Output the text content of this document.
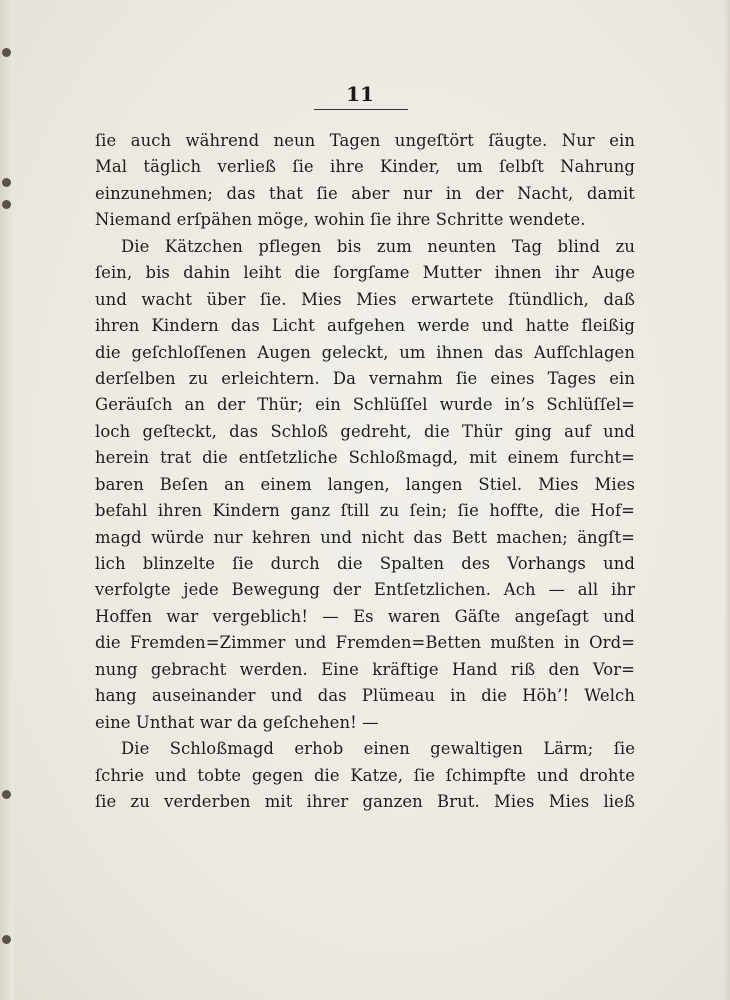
11
ſie auch während neun Tagen ungeſtört ſäugte. Nur ein
Mal täglich verließ ſie ihre Kinder, um ſelbſt Nahrung
einzunehmen; das that ſie aber nur in der Nacht, damit
Niemand erſpähen möge, wohin ſie ihre Schritte wendete.
Die Kätzchen pflegen bis zum neunten Tag blind zu
ſein, bis dahin leiht die ſorgſame Mutter ihnen ihr Auge
und wacht über ſie. Mies Mies erwartete ſtündlich, daß
ihren Kindern das Licht aufgehen werde und hatte fleißig
die geſchloſſenen Augen geleckt, um ihnen das Aufſchlagen
derſelben zu erleichtern. Da vernahm ſie eines Tages ein
Geräuſch an der Thür; ein Schlüſſel wurde in’s Schlüſſel=
loch geſteckt, das Schloß gedreht, die Thür ging auf und
herein trat die entſetzliche Schloßmagd, mit einem furcht=
baren Beſen an einem langen, langen Stiel. Mies Mies
befahl ihren Kindern ganz ſtill zu ſein; ſie hoffte, die Hof=
magd würde nur kehren und nicht das Bett machen; ängſt=
lich blinzelte ſie durch die Spalten des Vorhangs und
verfolgte jede Bewegung der Entſetzlichen. Ach — all ihr
Hoffen war vergeblich! — Es waren Gäſte angeſagt und
die Fremden=Zimmer und Fremden=Betten mußten in Ord=
nung gebracht werden. Eine kräftige Hand riß den Vor=
hang auseinander und das Plümeau in die Höh’! Welch
eine Unthat war da geſchehen! —
Die Schloßmagd erhob einen gewaltigen Lärm; ſie
ſchrie und tobte gegen die Katze, ſie ſchimpfte und drohte
ſie zu verderben mit ihrer ganzen Brut. Mies Mies ließ
